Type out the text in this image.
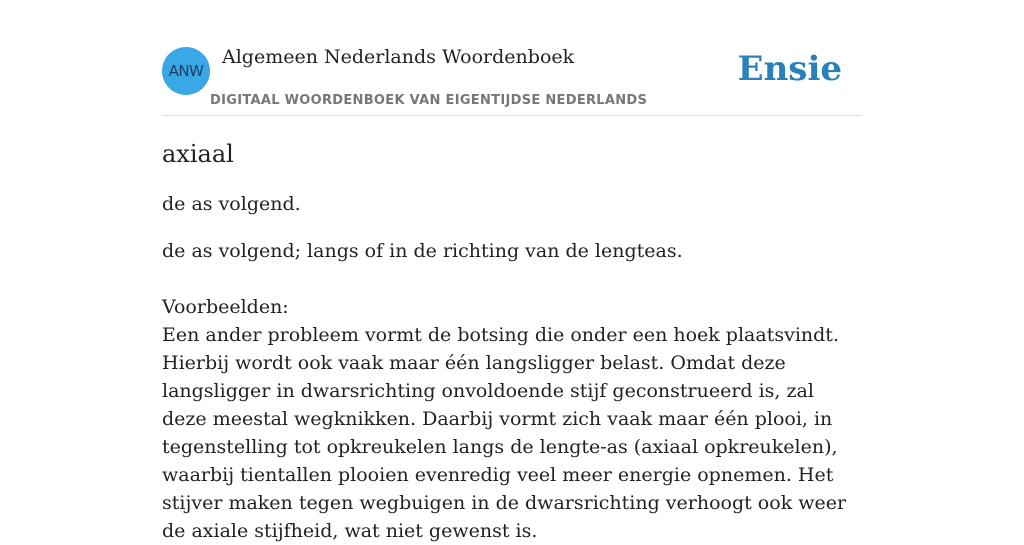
ANW
Algemeen Nederlands Woordenboek
DIGITAAL WOORDENBOEK VAN EIGENTIJDSE NEDERLANDS
Ensie
axiaal

de as volgend.

de as volgend; langs of in de richting van de lengteas.

Voorbeelden:

Een ander probleem vormt de botsing die onder een hoek plaatsvindt. Hierbij wordt ook vaak maar één langsligger belast. Omdat deze langsligger in dwarsrichting onvoldoende stijf geconstrueerd is, zal deze meestal wegknikken. Daarbij vormt zich vaak maar één plooi, in tegenstelling tot opkreukelen langs de lengte-as (axiaal opkreukelen), waarbij tientallen plooien evenredig veel meer energie opnemen. Het stijver maken tegen wegbuigen in de dwarsrichting verhoogt ook weer de axiale stijfheid, wat niet gewenst is.
